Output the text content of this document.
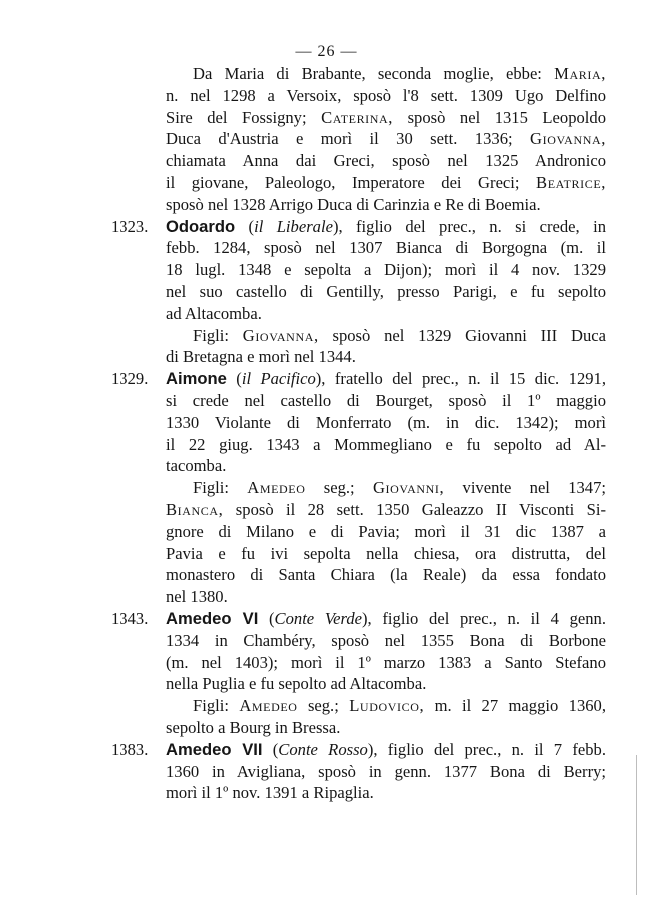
— 26 —
Da Maria di Brabante, seconda moglie, ebbe: Maria,
n. nel 1298 a Versoix, sposò l'8 sett. 1309 Ugo Delfino
Sire del Fossigny; Caterina, sposò nel 1315 Leopoldo
Duca d'Austria e morì il 30 sett. 1336; Giovanna,
chiamata Anna dai Greci, sposò nel 1325 Andronico
il giovane, Paleologo, Imperatore dei Greci; Beatrice,
sposò nel 1328 Arrigo Duca di Carinzia e Re di Boemia.
1323.	Odoardo (il Liberale), figlio del prec., n. si crede, in
febb. 1284, sposò nel 1307 Bianca di Borgogna (m. il
18 lugl. 1348 e sepolta a Dijon); morì il 4 nov. 1329
nel suo castello di Gentilly, presso Parigi, e fu sepolto
ad Altacomba.
Figli: Giovanna, sposò nel 1329 Giovanni III Duca
di Bretagna e morì nel 1344.
1329.	Aimone (il Pacifico), fratello del prec., n. il 15 dic. 1291,
si crede nel castello di Bourget, sposò il 1º maggio
1330 Violante di Monferrato (m. in dic. 1342); morì
il 22 giug. 1343 a Mommegliano e fu sepolto ad Al-
tacomba.
Figli: Amedeo seg.; Giovanni, vivente nel 1347;
Bianca, sposò il 28 sett. 1350 Galeazzo II Visconti Si-
gnore di Milano e di Pavia; morì il 31 dic 1387 a
Pavia e fu ivi sepolta nella chiesa, ora distrutta, del
monastero di Santa Chiara (la Reale) da essa fondato
nel 1380.
1343.	Amedeo VI (Conte Verde), figlio del prec., n. il 4 genn.
1334 in Chambéry, sposò nel 1355 Bona di Borbone
(m. nel 1403); morì il 1º marzo 1383 a Santo Stefano
nella Puglia e fu sepolto ad Altacomba.
Figli: Amedeo seg.; Ludovico, m. il 27 maggio 1360,
sepolto a Bourg in Bressa.
1383.	Amedeo VII (Conte Rosso), figlio del prec., n. il 7 febb.
1360 in Avigliana, sposò in genn. 1377 Bona di Berry;
morì il 1º nov. 1391 a Ripaglia.
